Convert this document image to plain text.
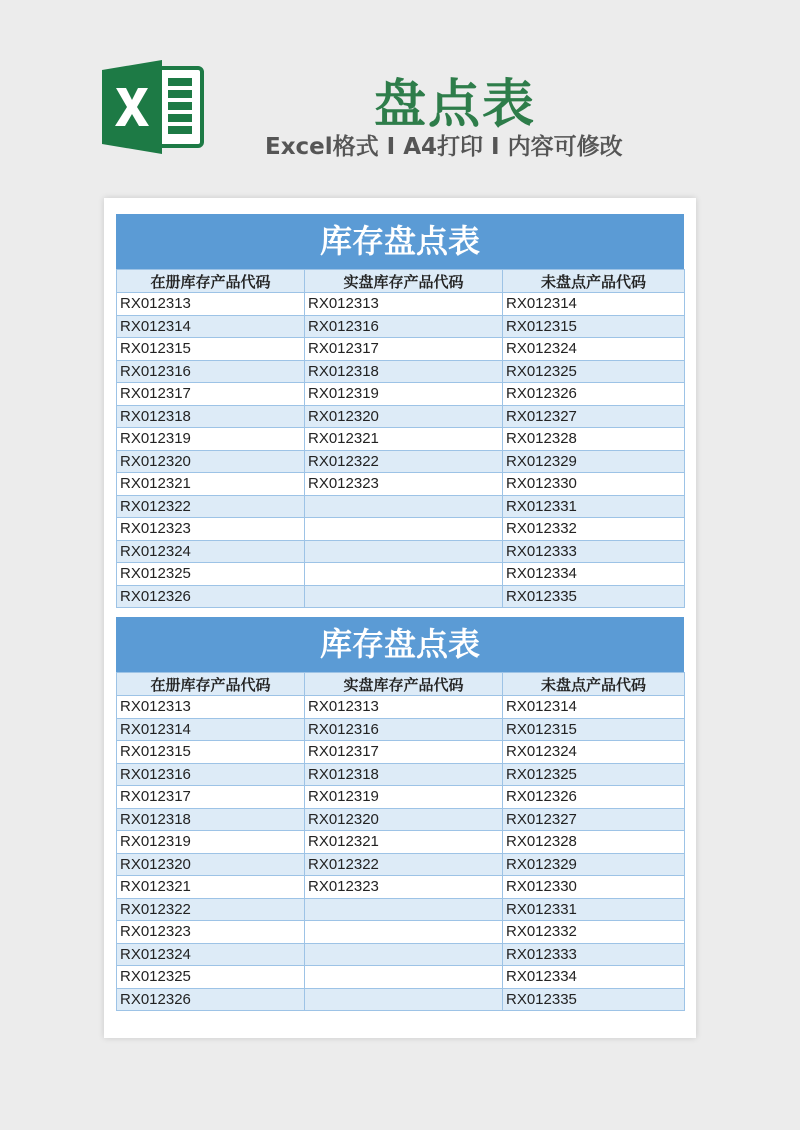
盘点表
Excel格式 I A4打印 I 内容可修改
库存盘点表
在册库存产品代码	实盘库存产品代码	未盘点产品代码
RX012313	RX012313	RX012314
RX012314	RX012316	RX012315
RX012315	RX012317	RX012324
RX012316	RX012318	RX012325
RX012317	RX012319	RX012326
RX012318	RX012320	RX012327
RX012319	RX012321	RX012328
RX012320	RX012322	RX012329
RX012321	RX012323	RX012330
RX012322		RX012331
RX012323		RX012332
RX012324		RX012333
RX012325		RX012334
RX012326		RX012335
库存盘点表
在册库存产品代码	实盘库存产品代码	未盘点产品代码
RX012313	RX012313	RX012314
RX012314	RX012316	RX012315
RX012315	RX012317	RX012324
RX012316	RX012318	RX012325
RX012317	RX012319	RX012326
RX012318	RX012320	RX012327
RX012319	RX012321	RX012328
RX012320	RX012322	RX012329
RX012321	RX012323	RX012330
RX012322		RX012331
RX012323		RX012332
RX012324		RX012333
RX012325		RX012334
RX012326		RX012335
